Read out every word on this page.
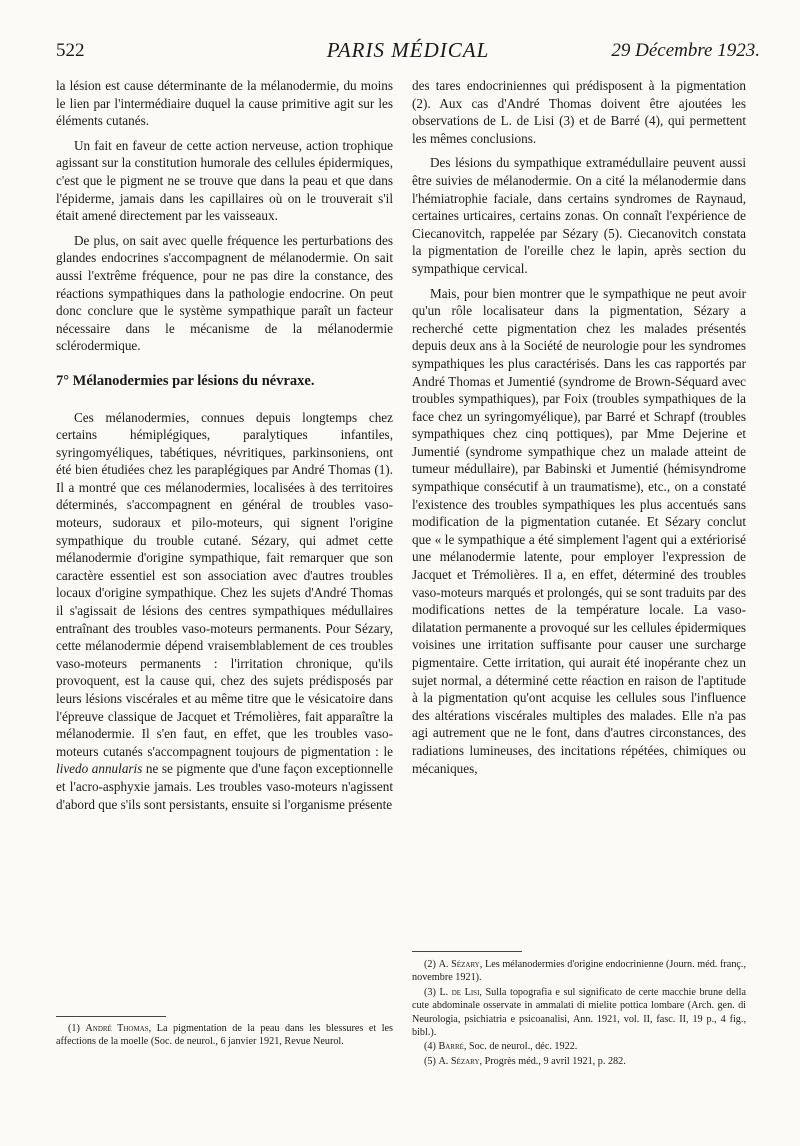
522	PARIS MÉDICAL	29 Décembre 1923.

la lésion est cause déterminante de la mélanodermie, du moins le lien par l'intermédiaire duquel la cause primitive agit sur les éléments cutanés.

Un fait en faveur de cette action nerveuse, action trophique agissant sur la constitution humorale des cellules épidermiques, c'est que le pigment ne se trouve que dans la peau et que dans l'épiderme, jamais dans les capillaires où on le trouverait s'il était amené directement par les vaisseaux.

De plus, on sait avec quelle fréquence les perturbations des glandes endocrines s'accompagnent de mélanodermie. On sait aussi l'extrême fréquence, pour ne pas dire la constance, des réactions sympathiques dans la pathologie endocrine. On peut donc conclure que le système sympathique paraît un facteur nécessaire dans le mécanisme de la mélanodermie sclérodermique.

7° Mélanodermies par lésions du névraxe.

Ces mélanodermies, connues depuis longtemps chez certains hémiplégiques, paralytiques infantiles, syringomyéliques, tabétiques, névritiques, parkinsoniens, ont été bien étudiées chez les paraplégiques par André Thomas (1). Il a montré que ces mélanodermies, localisées à des territoires déterminés, s'accompagnent en général de troubles vaso-moteurs, sudoraux et pilo-moteurs, qui signent l'origine sympathique du trouble cutané. Sézary, qui admet cette mélanodermie d'origine sympathique, fait remarquer que son caractère essentiel est son association avec d'autres troubles locaux d'origine sympathique. Chez les sujets d'André Thomas il s'agissait de lésions des centres sympathiques médullaires entraînant des troubles vaso-moteurs permanents. Pour Sézary, cette mélanodermie dépend vraisemblablement de ces troubles vaso-moteurs permanents : l'irritation chronique, qu'ils provoquent, est la cause qui, chez des sujets prédisposés par leurs lésions viscérales et au même titre que le vésicatoire dans l'épreuve classique de Jacquet et Trémolières, fait apparaître la mélanodermie. Il s'en faut, en effet, que les troubles vaso-moteurs cutanés s'accompagnent toujours de pigmentation : le livedo annularis ne se pigmente que d'une façon exceptionnelle et l'acro-asphyxie jamais. Les troubles vaso-moteurs n'agissent d'abord que s'ils sont persistants, ensuite si l'organisme présente

des tares endocriniennes qui prédisposent à la pigmentation (2). Aux cas d'André Thomas doivent être ajoutées les observations de L. de Lisi (3) et de Barré (4), qui permettent les mêmes conclusions.

Des lésions du sympathique extramédullaire peuvent aussi être suivies de mélanodermie. On a cité la mélanodermie dans l'hémiatrophie faciale, dans certains syndromes de Raynaud, certaines urticaires, certains zonas. On connaît l'expérience de Ciecanovitch, rappelée par Sézary (5). Ciecanovitch constata la pigmentation de l'oreille chez le lapin, après section du sympathique cervical.

Mais, pour bien montrer que le sympathique ne peut avoir qu'un rôle localisateur dans la pigmentation, Sézary a recherché cette pigmentation chez les malades présentés depuis deux ans à la Société de neurologie pour les syndromes sympathiques les plus caractérisés. Dans les cas rapportés par André Thomas et Jumentié (syndrome de Brown-Séquard avec troubles sympathiques), par Foix (troubles sympathiques de la face chez un syringomyélique), par Barré et Schrapf (troubles sympathiques chez cinq pottiques), par Mme Dejerine et Jumentié (syndrome sympathique chez un malade atteint de tumeur médullaire), par Babinski et Jumentié (hémisyndrome sympathique consécutif à un traumatisme), etc., on a constaté l'existence des troubles sympathiques les plus accentués sans modification de la pigmentation cutanée. Et Sézary conclut que « le sympathique a été simplement l'agent qui a extériorisé une mélanodermie latente, pour employer l'expression de Jacquet et Trémolières. Il a, en effet, déterminé des troubles vaso-moteurs marqués et prolongés, qui se sont traduits par des modifications nettes de la température locale. La vaso-dilatation permanente a provoqué sur les cellules épidermiques voisines une irritation suffisante pour causer une surcharge pigmentaire. Cette irritation, qui aurait été inopérante chez un sujet normal, a déterminé cette réaction en raison de l'aptitude à la pigmentation qu'ont acquise les cellules sous l'influence des altérations viscérales multiples des malades. Elle n'a pas agi autrement que ne le font, dans d'autres circonstances, des radiations lumineuses, des incitations répétées, chimiques ou mécaniques,

(1) André Thomas, La pigmentation de la peau dans les blessures et les affections de la moelle (Soc. de neurol., 6 janvier 1921, Revue Neurol.
(2) A. Sézary, Les mélanodermies d'origine endocrinienne (Journ. méd. franç., novembre 1921).
(3) L. de Lisi, Sulla topografia e sul significato de certe macchie brune della cute abdominale osservate in ammalati di mielite pottica lombare (Arch. gen. di Neurologia, psichiatria e psicoanalisi, Ann. 1921, vol. II, fasc. II, 19 p., 4 fig., bibl.).
(4) Barré, Soc. de neurol., déc. 1922.
(5) A. Sézary, Progrès méd., 9 avril 1921, p. 282.
